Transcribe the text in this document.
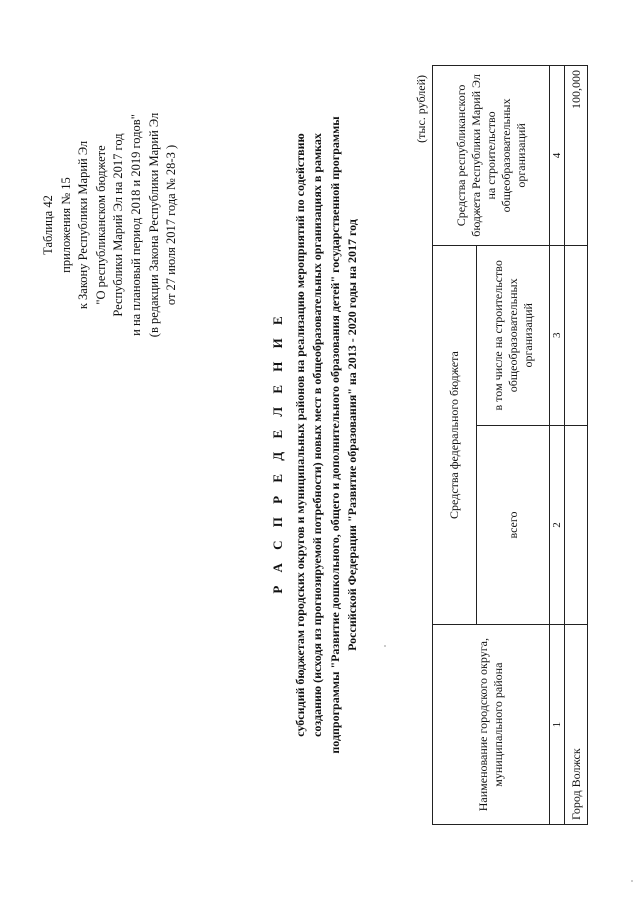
Таблица 42 приложения № 15 к Закону Республики Марий Эл "О республиканском бюджете Республики Марий Эл на 2017 год и на плановый период 2018 и 2019 годов" (в редакции Закона Республики Марий Эл от 27 июля 2017 года № 28-З )
Р А С П Р Е Д Е Л Е Н И Е субсидий бюджетам городских округов и муниципальных районов на реализацию мероприятий по содействию созданию (исходя из прогнозируемой потребности) новых мест в общеобразовательных организациях в рамках подпрограммы "Развитие дошкольного, общего и дополнительного образования детей" государственной программы Российской Федерации "Развитие образования" на 2013 - 2020 годы на 2017 год
(тыс. рублей)
Наименование городского округа, муниципального района	Средства федерального бюджета		Средства республиканского бюджета Республики Марий Эл на строительство общеобразовательных организаций
	всего	в том числе на строительство общеобразовательных организаций	
1	2	3	4
Город Волжск			100,000
